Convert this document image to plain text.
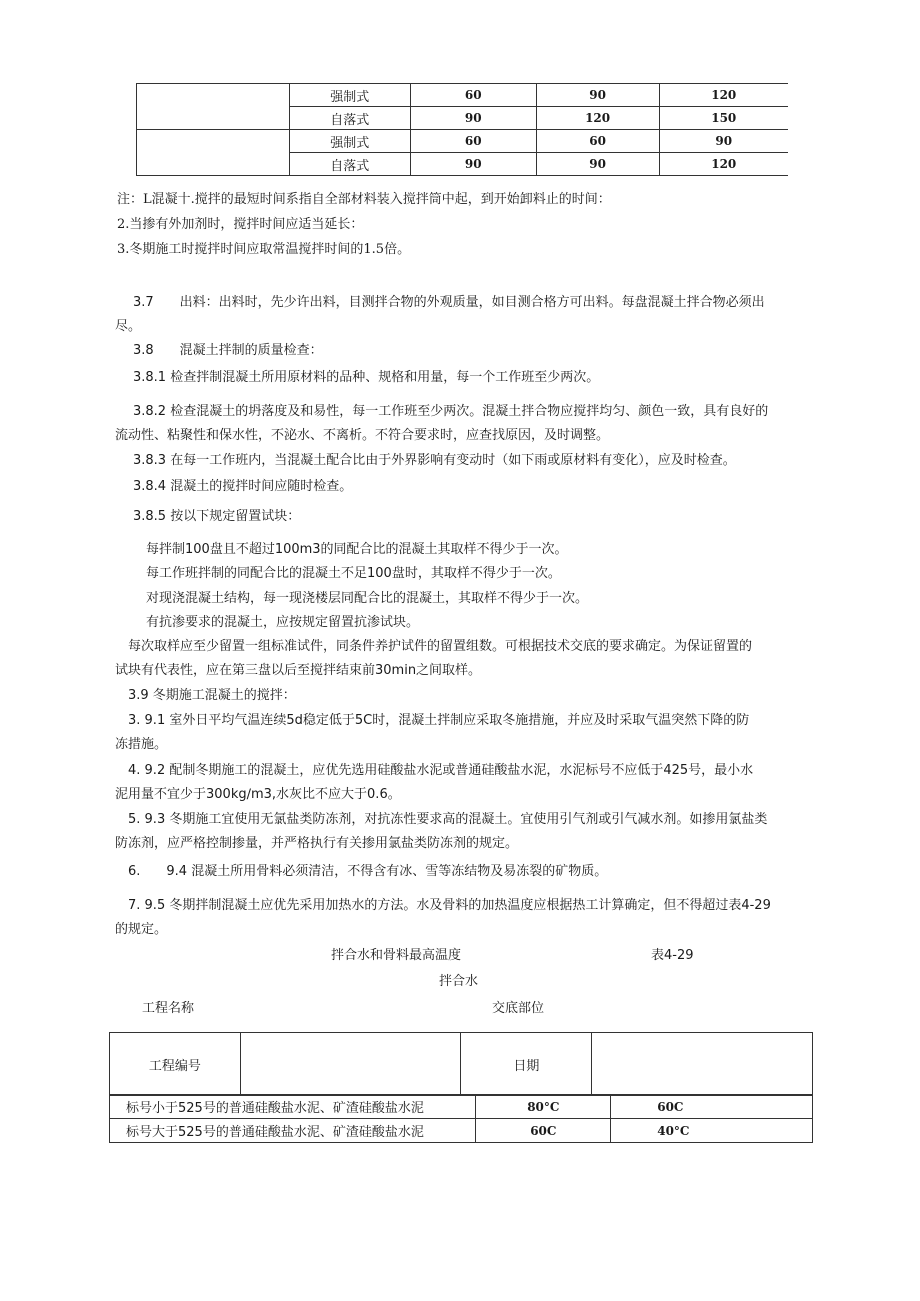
	强制式	60	90	120
	自落式	90	120	150
	强制式	60	60	90
	自落式	90	90	120
注：L混凝十.搅拌的最短时间系指自全部材料装入搅拌筒中起，到开始卸料止的时间：
2.当掺有外加剂时，搅拌时间应适当延长：
3.冬期施工时搅拌时间应取常温搅拌时间的1.5倍。
3.7　　出料：出料时，先少许出料，目测拌合物的外观质量，如目测合格方可出料。每盘混凝土拌合物必须出
尽。
3.8　　混凝土拌制的质量检查：
3.8.1 检查拌制混凝土所用原材料的品种、规格和用量，每一个工作班至少两次。
3.8.2 检查混凝土的坍落度及和易性，每一工作班至少两次。混凝土拌合物应搅拌均匀、颜色一致，具有良好的
流动性、粘聚性和保水性，不泌水、不离析。不符合要求时，应查找原因，及时调整。
3.8.3 在每一工作班内，当混凝土配合比由于外界影响有变动时（如下雨或原材料有变化），应及时检查。
3.8.4 混凝土的搅拌时间应随时检查。
3.8.5 按以下规定留置试块：
每拌制100盘且不超过100m3的同配合比的混凝土其取样不得少于一次。
每工作班拌制的同配合比的混凝土不足100盘时，其取样不得少于一次。
对现浇混凝土结构，每一现浇楼层同配合比的混凝土，其取样不得少于一次。
有抗渗要求的混凝土，应按规定留置抗渗试块。
每次取样应至少留置一组标准试件，同条件养护试件的留置组数。可根据技术交底的要求确定。为保证留置的
试块有代表性，应在第三盘以后至搅拌结束前30min之间取样。
3.9 冬期施工混凝土的搅拌：
3. 9.1 室外日平均气温连续5d稳定低于5C时，混凝土拌制应采取冬施措施，并应及时采取气温突然下降的防
冻措施。
4. 9.2 配制冬期施工的混凝土，应优先选用硅酸盐水泥或普通硅酸盐水泥，水泥标号不应低于425号，最小水
泥用量不宜少于300kg∕m3,水灰比不应大于0.6。
5. 9.3 冬期施工宜使用无氯盐类防冻剂，对抗冻性要求高的混凝土。宜使用引气剂或引气减水剂。如掺用氯盐类
防冻剂，应严格控制掺量，并严格执行有关掺用氯盐类防冻剂的规定。
6.　　9.4 混凝土所用骨料必须清洁，不得含有冰、雪等冻结物及易冻裂的矿物质。
7. 9.5 冬期拌制混凝土应优先采用加热水的方法。水及骨料的加热温度应根据热工计算确定，但不得超过表4-29
的规定。
拌合水和骨料最高温度	表4-29
拌合水
工程名称	交底部位
工程编号		日期	
标号小于525号的普通硅酸盐水泥、矿渣硅酸盐水泥	80°C	60C
标号大于525号的普通硅酸盐水泥、矿渣硅酸盐水泥	60C	40°C
